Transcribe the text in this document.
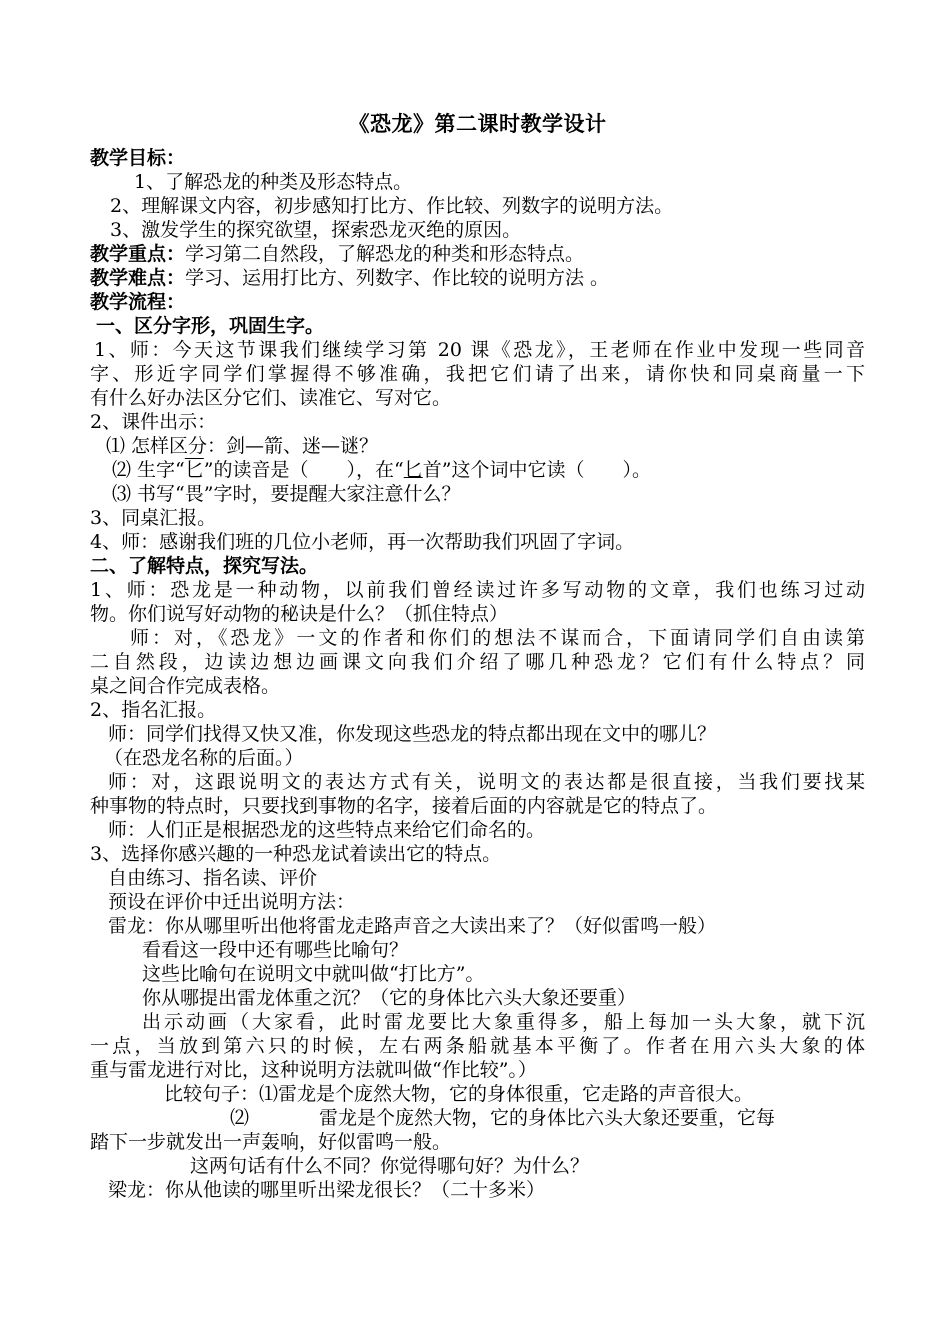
《恐龙》第二课时教学设计
教学目标：
1、了解恐龙的种类及形态特点。
2、理解课文内容，初步感知打比方、作比较、列数字的说明方法。
3、激发学生的探究欲望，探索恐龙灭绝的原因。
教学重点：学习第二自然段，了解恐龙的种类和形态特点。
教学难点：学习、运用打比方、列数字、作比较的说明方法 。
教学流程：
一、区分字形，巩固生字。
1、师：今天这节课我们继续学习第 20 课《恐龙》，王老师在作业中发现一些同音
字、形近字同学们掌握得不够准确，我把它们请了出来，请你快和同桌商量一下
有什么好办法区分它们、读准它、写对它。
2、课件出示：
⑴ 怎样区分：剑—箭、迷—谜？
⑵ 生字“匕”的读音是（　　），在“匕首”这个词中它读（　　）。
⑶ 书写“畏”字时，要提醒大家注意什么？
3、同桌汇报。
4、师：感谢我们班的几位小老师，再一次帮助我们巩固了字词。
二、了解特点，探究写法。
1、师：恐龙是一种动物，以前我们曾经读过许多写动物的文章，我们也练习过动
物。你们说写好动物的秘诀是什么？（抓住特点）
师：对，《恐龙》一文的作者和你们的想法不谋而合，下面请同学们自由读第
二自然段，边读边想边画课文向我们介绍了哪几种恐龙？它们有什么特点？同
桌之间合作完成表格。
2、指名汇报。
师：同学们找得又快又准，你发现这些恐龙的特点都出现在文中的哪儿？
（在恐龙名称的后面。）
师：对，这跟说明文的表达方式有关，说明文的表达都是很直接，当我们要找某
种事物的特点时，只要找到事物的名字，接着后面的内容就是它的特点了。
师：人们正是根据恐龙的这些特点来给它们命名的。
3、选择你感兴趣的一种恐龙试着读出它的特点。
自由练习、指名读、评价
预设在评价中迁出说明方法：
雷龙：你从哪里听出他将雷龙走路声音之大读出来了？（好似雷鸣一般）
看看这一段中还有哪些比喻句？
这些比喻句在说明文中就叫做“打比方”。
你从哪提出雷龙体重之沉？（它的身体比六头大象还要重）
出示动画（大家看，此时雷龙要比大象重得多，船上每加一头大象，就下沉
一点，当放到第六只的时候，左右两条船就基本平衡了。作者在用六头大象的体
重与雷龙进行对比，这种说明方法就叫做“作比较”。）
比较句子：⑴雷龙是个庞然大物，它的身体很重，它走路的声音很大。
⑵	雷龙是个庞然大物，它的身体比六头大象还要重，它每
踏下一步就发出一声轰响，好似雷鸣一般。
这两句话有什么不同？你觉得哪句好？为什么？
梁龙：你从他读的哪里听出梁龙很长？（二十多米）
